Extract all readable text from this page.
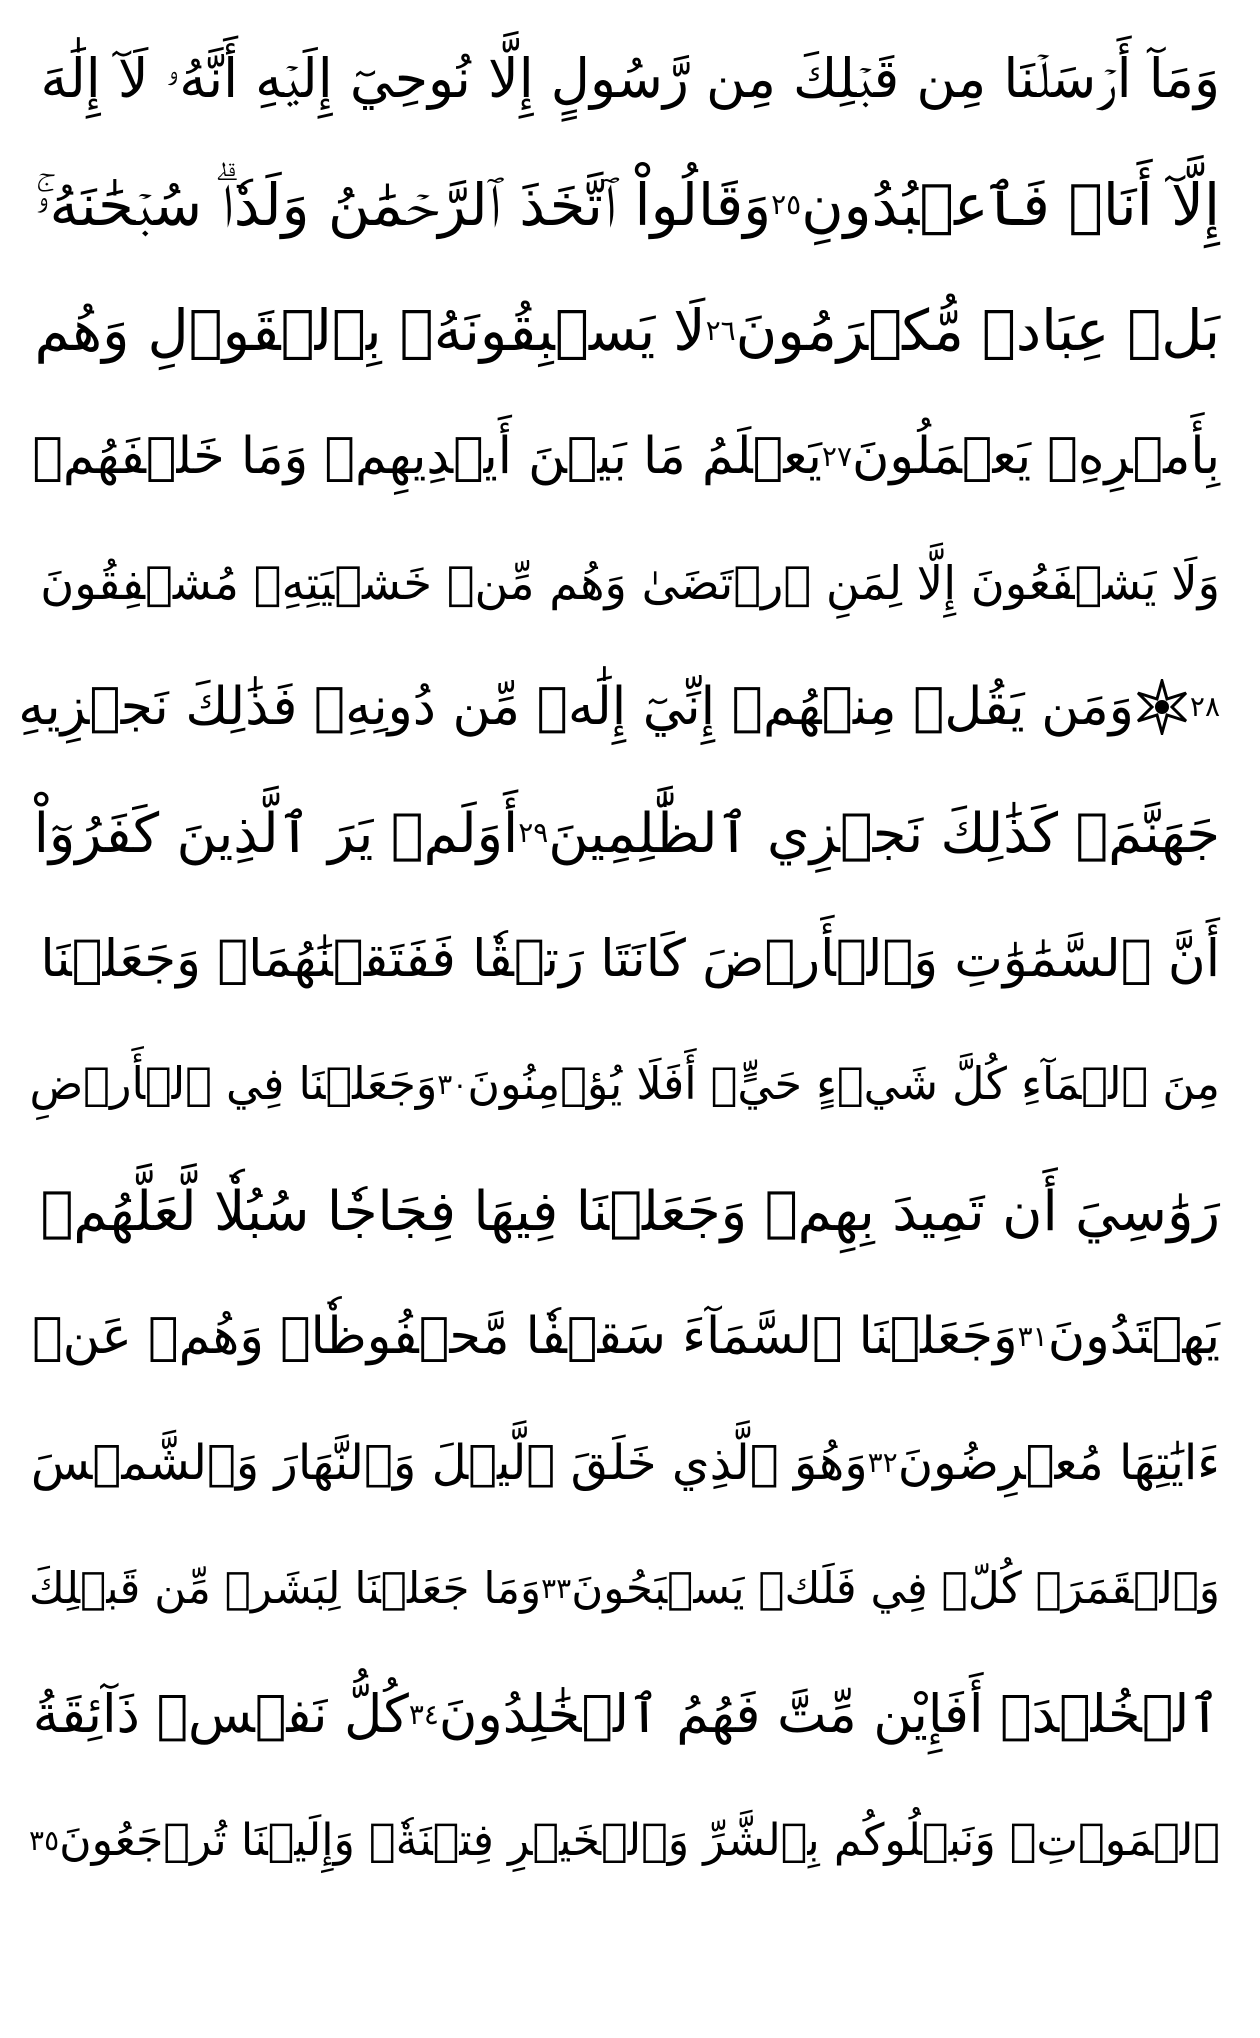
وَمَآ أَرۡسَلۡنَا مِن قَبۡلِكَ مِن رَّسُولٍ إِلَّا نُوحِيٓ إِلَيۡهِ أَنَّهُۥ لَآ إِلَٰهَ
إِلَّآ أَنَا۠ فَٱعۡبُدُونِ
٢٥
وَقَالُواْ ٱتَّخَذَ ٱلرَّحۡمَٰنُ وَلَدٗاۗ سُبۡحَٰنَهُۥۚ
بَلۡ عِبَادٞ مُّكۡرَمُونَ
٢٦
لَا يَسۡبِقُونَهُۥ بِٱلۡقَوۡلِ وَهُم
بِأَمۡرِهِۦ يَعۡمَلُونَ
٢٧
يَعۡلَمُ مَا بَيۡنَ أَيۡدِيهِمۡ وَمَا خَلۡفَهُمۡ
وَلَا يَشۡفَعُونَ إِلَّا لِمَنِ ٱرۡتَضَىٰ وَهُم مِّنۡ خَشۡيَتِهِۦ مُشۡفِقُونَ
٢٨
وَمَن يَقُلۡ مِنۡهُمۡ إِنِّيٓ إِلَٰهٞ مِّن دُونِهِۦ فَذَٰلِكَ نَجۡزِيهِ
جَهَنَّمَۚ كَذَٰلِكَ نَجۡزِي ٱلظَّٰلِمِينَ
٢٩
أَوَلَمۡ يَرَ ٱلَّذِينَ كَفَرُوٓاْ
أَنَّ ٱلسَّمَٰوَٰتِ وَٱلۡأَرۡضَ كَانَتَا رَتۡقٗا فَفَتَقۡنَٰهُمَاۖ وَجَعَلۡنَا
مِنَ ٱلۡمَآءِ كُلَّ شَيۡءٍ حَيٍّۚ أَفَلَا يُؤۡمِنُونَ
٣٠
وَجَعَلۡنَا فِي ٱلۡأَرۡضِ
رَوَٰسِيَ أَن تَمِيدَ بِهِمۡ وَجَعَلۡنَا فِيهَا فِجَاجٗا سُبُلٗا لَّعَلَّهُمۡ
يَهۡتَدُونَ
٣١
وَجَعَلۡنَا ٱلسَّمَآءَ سَقۡفٗا مَّحۡفُوظٗاۖ وَهُمۡ عَنۡ
ءَايَٰتِهَا مُعۡرِضُونَ
٣٢
وَهُوَ ٱلَّذِي خَلَقَ ٱلَّيۡلَ وَٱلنَّهَارَ وَٱلشَّمۡسَ
وَٱلۡقَمَرَۖ كُلّٞ فِي فَلَكٖ يَسۡبَحُونَ
٣٣
وَمَا جَعَلۡنَا لِبَشَرٖ مِّن قَبۡلِكَ
ٱلۡخُلۡدَۖ أَفَإِيْن مِّتَّ فَهُمُ ٱلۡخَٰلِدُونَ
٣٤
كُلُّ نَفۡسٖ ذَآئِقَةُ
ٱلۡمَوۡتِۗ وَنَبۡلُوكُم بِٱلشَّرِّ وَٱلۡخَيۡرِ فِتۡنَةٗۖ وَإِلَيۡنَا تُرۡجَعُونَ
٣٥
